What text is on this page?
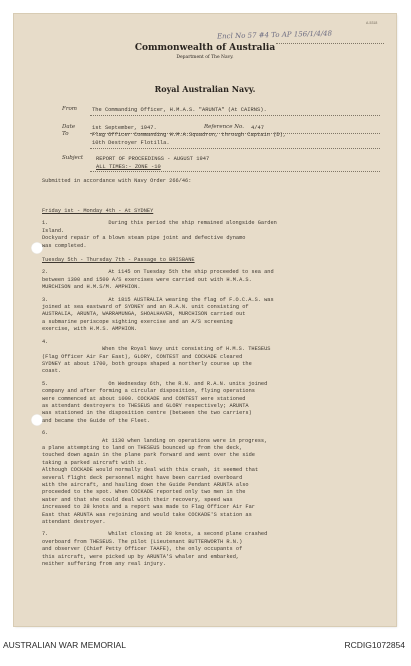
A-5318
Encl No 57 #4 To AP 156/1/4/48
Commonwealth of Australia
Department of The Navy.
Royal Australian Navy.
From	The Commanding Officer, H.M.A.S. "ARUNTA" (At CAIRNS).
Date	1st September, 1947.	Reference No. 4/47
To	Flag Officer Commanding H.M.A.Squadron, through Captain (D),
10th Destroyer Flotilla.
Subject REPORT OF PROCEEDINGS - AUGUST 1947
ALL TIMES:- ZONE -10
Submitted in accordance with Navy Order 266/46:

Friday 1st - Monday 4th - At SYDNEY

1.	During this period the ship remained alongside Garden

Island.

Dockyard repair of a blown steam pipe joint and defective dynamo

was completed.

Tuesday 5th - Thursday 7th - Passage to BRISBANE

2.	At 1145 on Tuesday 5th the ship proceeded to sea and

between 1300 and 1500 A/S exercises were carried out with H.M.A.S.

MURCHISON and H.M.S/M. AMPHION.

3.	At 1815 AUSTRALIA wearing the flag of F.O.C.A.S. was

joined at sea eastward of SYDNEY and an R.A.N. unit consisting of

AUSTRALIA, ARUNTA, WARRAMUNGA, SHOALHAVEN, MURCHISON carried out

a submarine periscope sighting exercise and an A/S screening

exercise, with H.M.S. AMPHION.

4.

When the Royal Navy unit consisting of H.M.S. THESEUS

(Flag Officer Air Far East), GLORY, CONTEST and COCKADE cleared

SYDNEY at about 1700, both groups shaped a northerly course up the

coast.

5.	On Wednesday 6th, the R.N. and R.A.N. units joined

company and after forming a circular disposition, flying operations

were commenced at about 1000. COCKADE and CONTEST were stationed

as attendant destroyers to THESEUS and GLORY respectively; ARUNTA

was stationed in the disposition centre (between the two carriers)

and became the Guide of the Fleet.

6.

At 1130 when landing on operations were in progress,

a plane attempting to land on THESEUS bounced up from the deck,

touched down again in the plane park forward and went over the side

taking a parked aircraft with it.

Although COCKADE would normally deal with this crash, it seemed that

several flight deck personnel might have been carried overboard

with the aircraft, and hauling down the Guide Pendant ARUNTA also

proceeded to the spot. When COCKADE reported only two men in the

water and that she could deal with their recovery, speed was

increased to 28 knots and a report was made to Flag Officer Air Far

East that ARUNTA was rejoining and would take COCKADE'S station as

attendant destroyer.

7.	Whilst closing at 28 knots, a second plane crashed

overboard from THESEUS. The pilot (Lieutenant BUTTERWORTH R.N.)

and observer (Chief Petty Officer TAAFE), the only occupants of

this aircraft, were picked up by ARUNTA'S whaler and embarked,

neither suffering from any real injury.

AUSTRALIAN WAR MEMORIAL	RCDIG1072854
